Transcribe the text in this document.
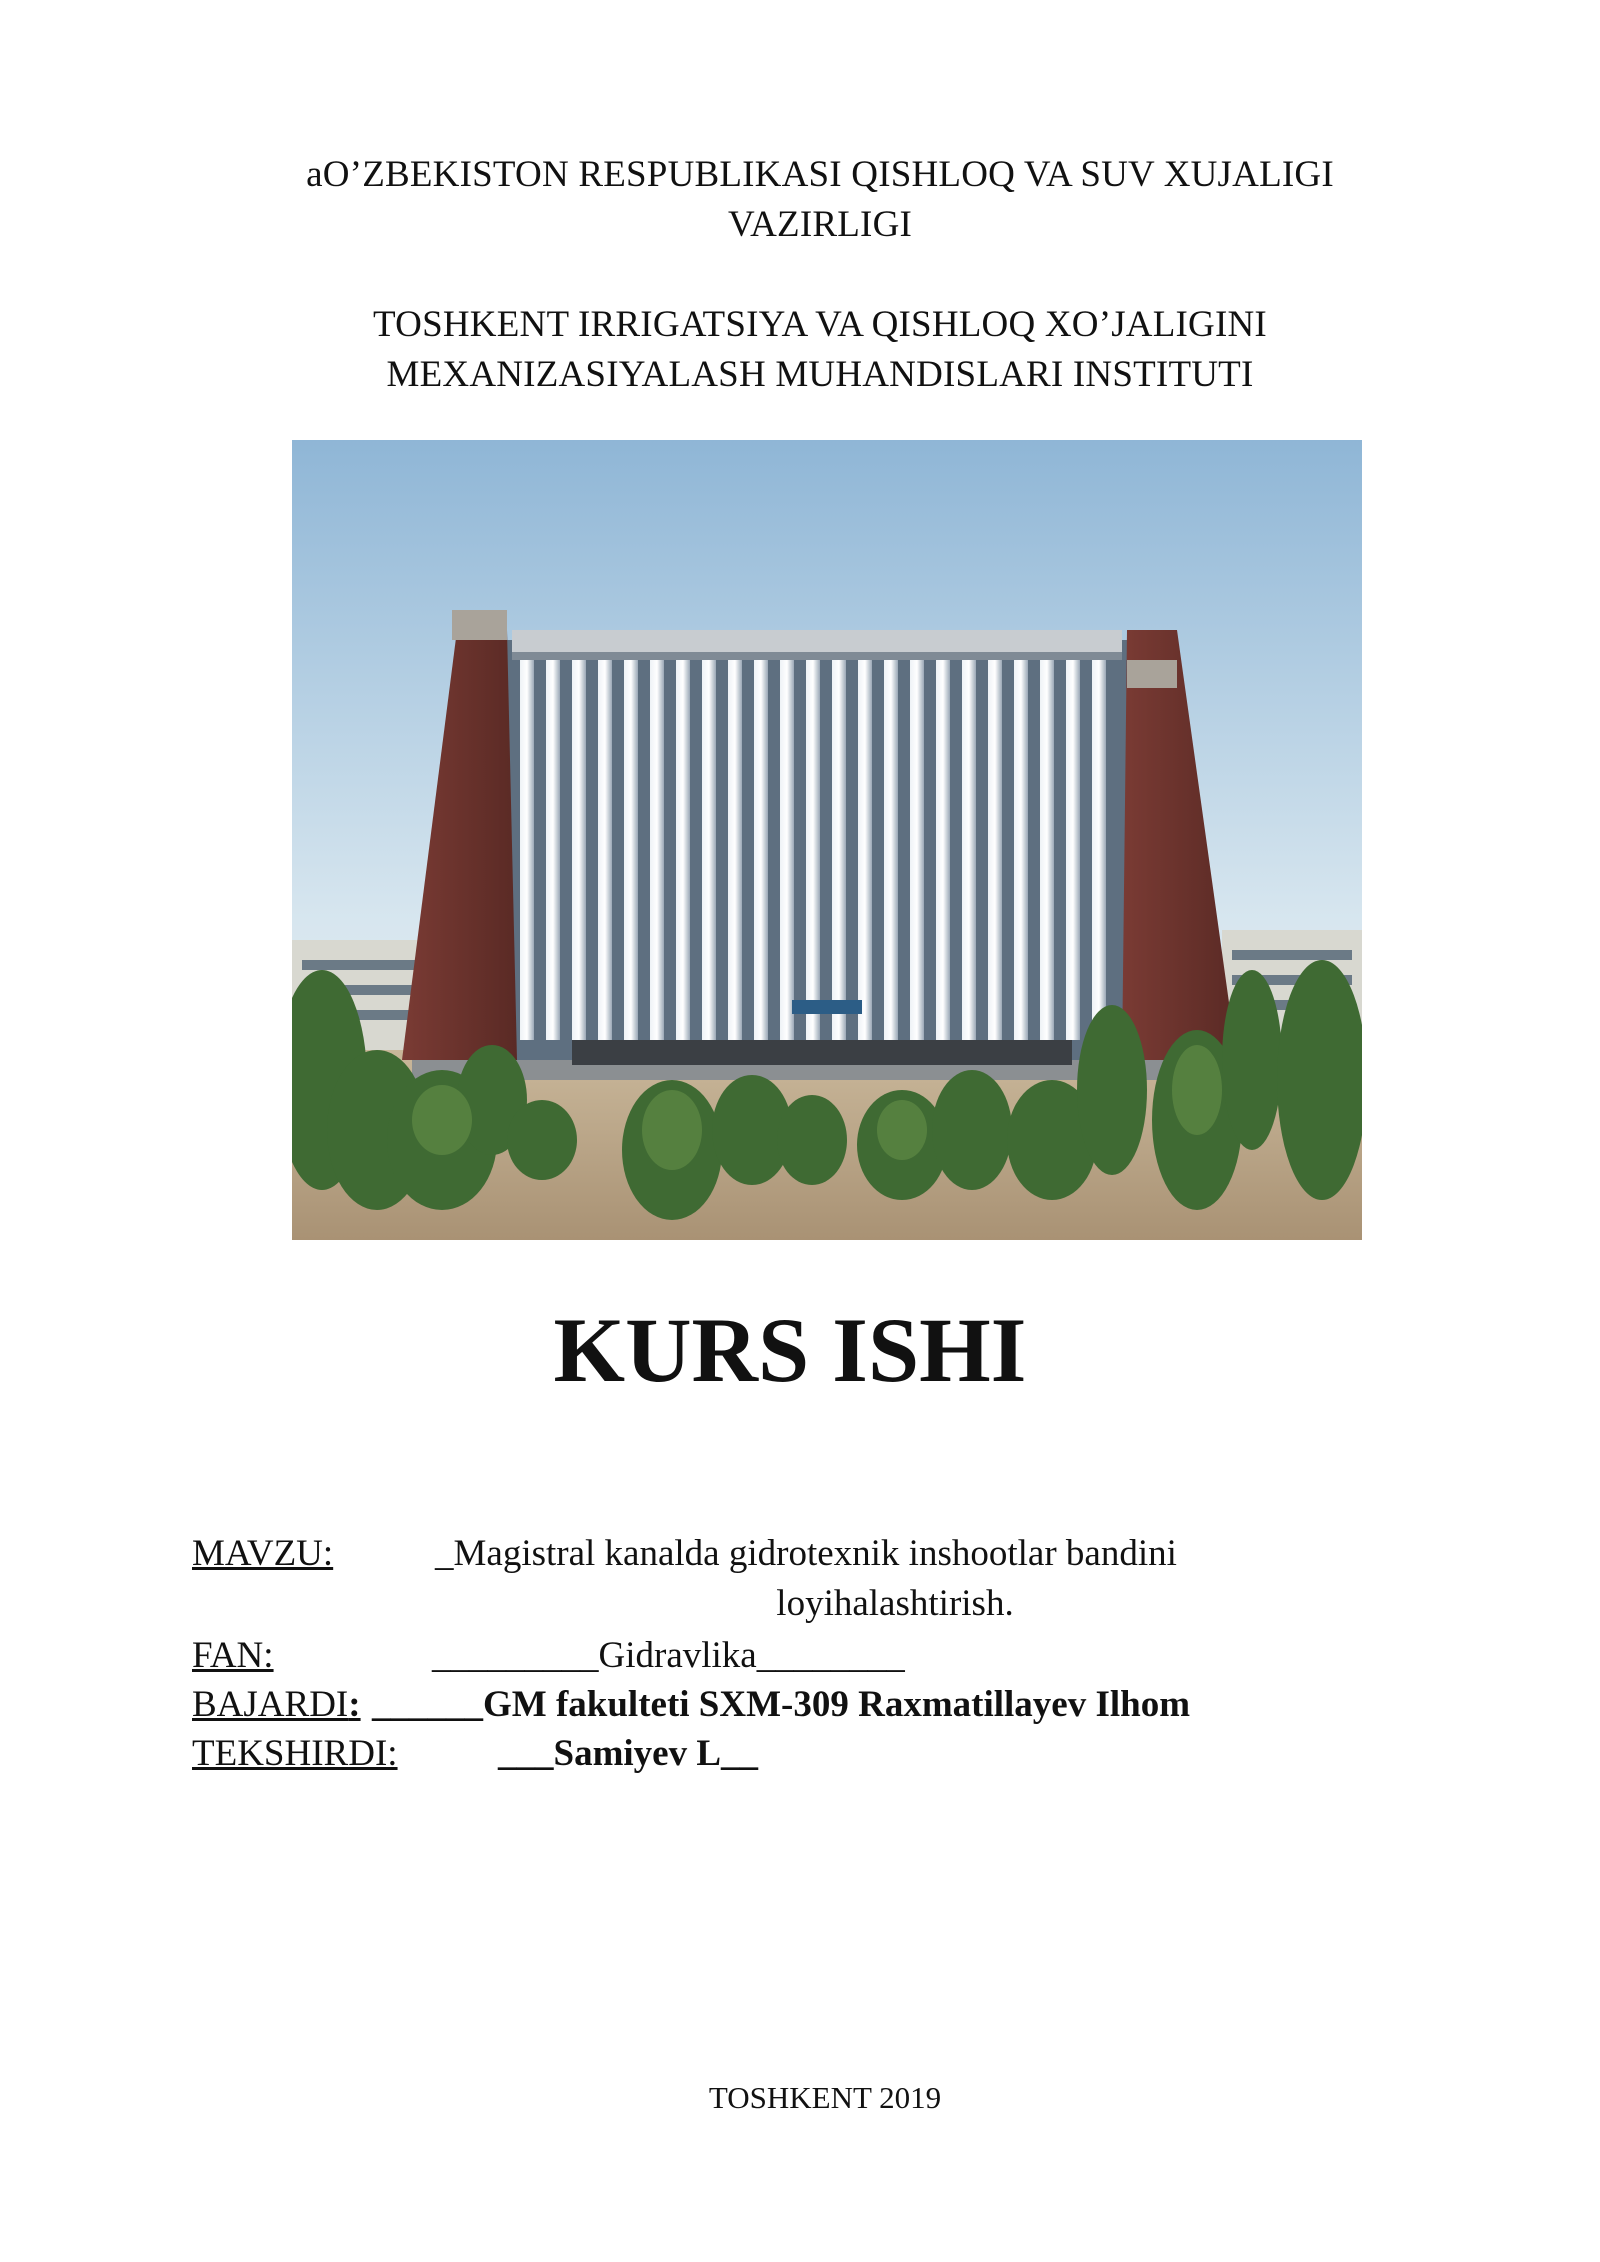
aO’ZBEKISTON RESPUBLIKASI QISHLOQ VA SUV XUJALIGI
VAZIRLIGI
TOSHKENT IRRIGATSIYA VA QISHLOQ XO’JALIGINI
MEXANIZASIYALASH MUHANDISLARI INSTITUTI
KURS ISHI
MAVZU:	_Magistral kanalda gidrotexnik inshootlar bandini
loyihalashtirish.
FAN:	_________Gidravlika________
BAJARDI: ______GM fakulteti SXM-309 Raxmatillayev Ilhom
TEKSHIRDI:	___Samiyev L__
TOSHKENT 2019
